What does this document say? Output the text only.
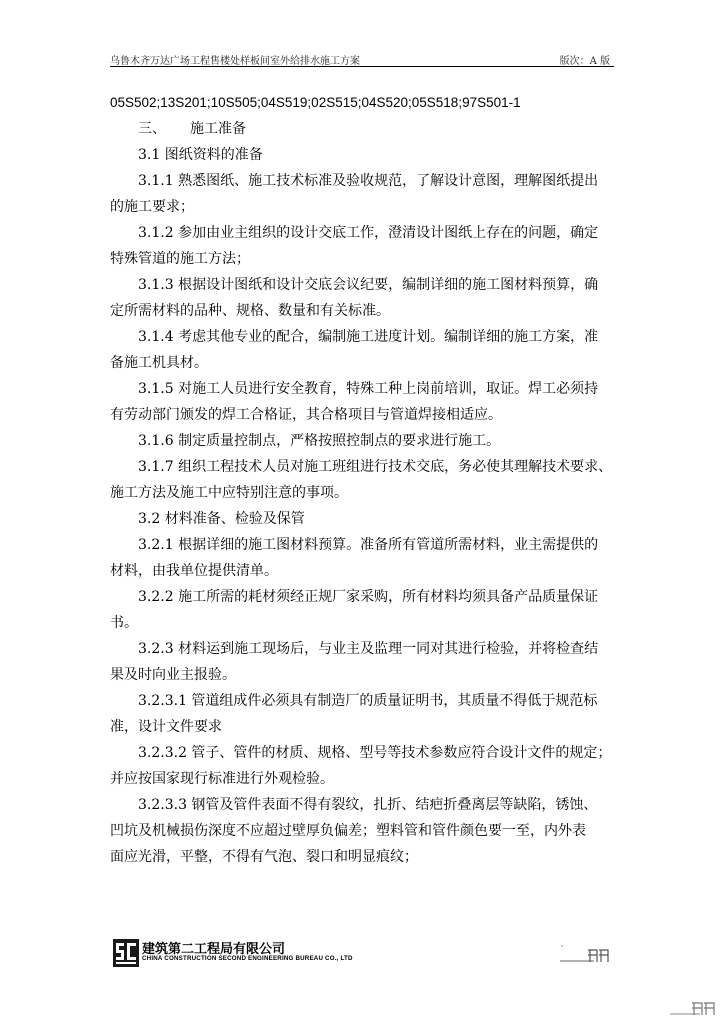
乌鲁木齐万达广场工程售楼处样板间室外给排水施工方案	版次：A 版

05S502;13S201;10S505;04S519;02S515;04S520;05S518;97S501-1

三、 施工准备

3.1 图纸资料的准备

3.1.1 熟悉图纸、施工技术标准及验收规范，了解设计意图，理解图纸提出

的施工要求；

3.1.2 参加由业主组织的设计交底工作，澄清设计图纸上存在的问题，确定

特殊管道的施工方法；

3.1.3 根据设计图纸和设计交底会议纪要，编制详细的施工图材料预算，确

定所需材料的品种、规格、数量和有关标准。

3.1.4 考虑其他专业的配合，编制施工进度计划。编制详细的施工方案，准

备施工机具材。

3.1.5 对施工人员进行安全教育，特殊工种上岗前培训，取证。焊工必须持

有劳动部门颁发的焊工合格证，其合格项目与管道焊接相适应。

3.1.6 制定质量控制点，严格按照控制点的要求进行施工。

3.1.7 组织工程技术人员对施工班组进行技术交底，务必使其理解技术要求、

施工方法及施工中应特别注意的事项。

3.2 材料准备、检验及保管

3.2.1 根据详细的施工图材料预算。准备所有管道所需材料，业主需提供的

材料，由我单位提供清单。

3.2.2 施工所需的耗材须经正规厂家采购，所有材料均须具备产品质量保证

书。

3.2.3 材料运到施工现场后，与业主及监理一同对其进行检验，并将检查结

果及时向业主报验。

3.2.3.1 管道组成件必须具有制造厂的质量证明书，其质量不得低于规范标

准，设计文件要求

3.2.3.2 管子、管件的材质、规格、型号等技术参数应符合设计文件的规定；

并应按国家现行标准进行外观检验。

3.2.3.3 钢管及管件表面不得有裂纹，扎折、结疤折叠离层等缺陷，锈蚀、

凹坑及机械损伤深度不应超过壁厚负偏差；塑料管和管件颜色要一至，内外表

面应光滑，平整，不得有气泡、裂口和明显痕纹；

建筑第二工程局有限公司
CHINA CONSTRUCTION SECOND ENGINEERING BUREAU CO., LTD
